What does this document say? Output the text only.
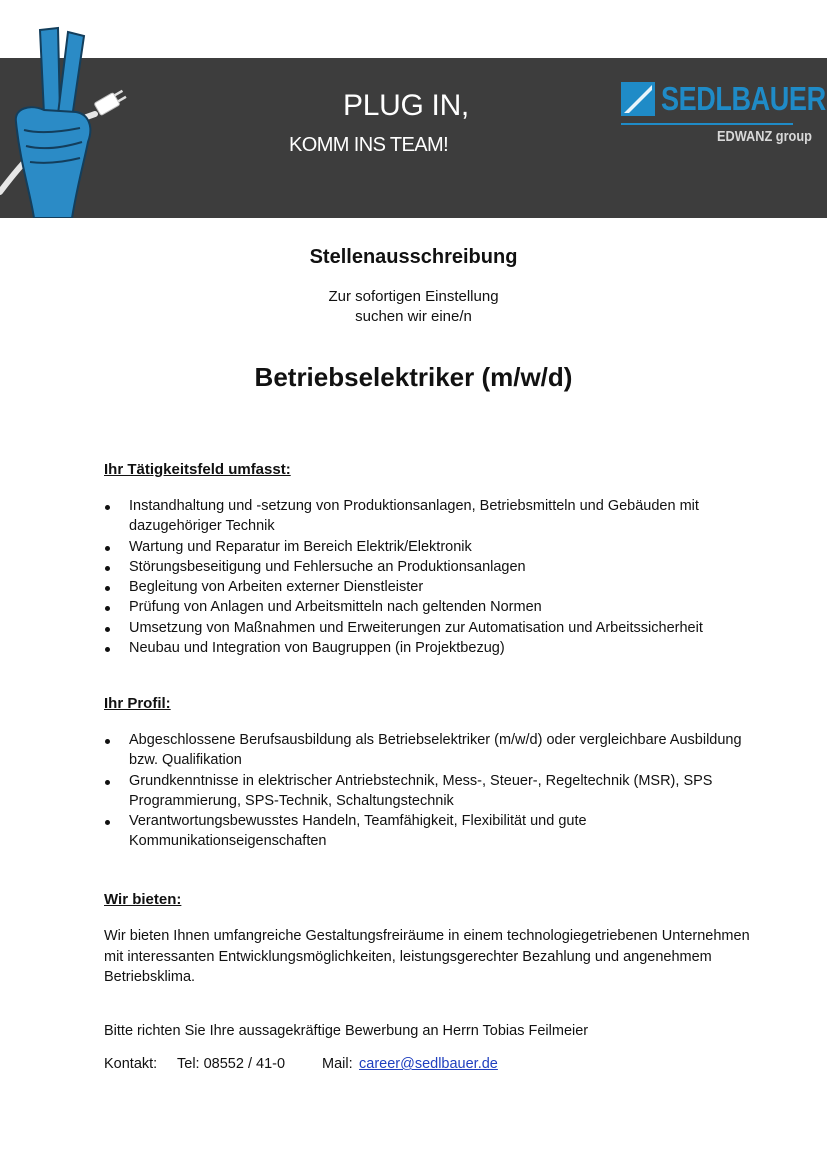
PLUG IN,
KOMM INS TEAM!
SEDLBAUER
EDWANZ group
Stellenausschreibung
Zur sofortigen Einstellung
suchen wir eine/n
Betriebselektriker (m/w/d)
Ihr Tätigkeitsfeld umfasst:
Instandhaltung und -setzung von Produktionsanlagen, Betriebsmitteln und Gebäuden mit dazugehöriger Technik
Wartung und Reparatur im Bereich Elektrik/Elektronik
Störungsbeseitigung und Fehlersuche an Produktionsanlagen
Begleitung von Arbeiten externer Dienstleister
Prüfung von Anlagen und Arbeitsmitteln nach geltenden Normen
Umsetzung von Maßnahmen und Erweiterungen zur Automatisation und Arbeitssicherheit
Neubau und Integration von Baugruppen (in Projektbezug)
Ihr Profil:
Abgeschlossene Berufsausbildung als Betriebselektriker (m/w/d) oder vergleichbare Ausbildung bzw. Qualifikation
Grundkenntnisse in elektrischer Antriebstechnik, Mess-, Steuer-, Regeltechnik (MSR), SPS Programmierung, SPS-Technik, Schaltungstechnik
Verantwortungsbewusstes Handeln, Teamfähigkeit, Flexibilität und gute Kommunikationseigenschaften
Wir bieten:
Wir bieten Ihnen umfangreiche Gestaltungsfreiräume in einem technologiegetriebenen Unternehmen mit interessanten Entwicklungsmöglichkeiten, leistungsgerechter Bezahlung und angenehmem Betriebsklima.
Bitte richten Sie Ihre aussagekräftige Bewerbung an Herrn Tobias Feilmeier
Kontakt: Tel: 08552 / 41-0	Mail: career@sedlbauer.de
